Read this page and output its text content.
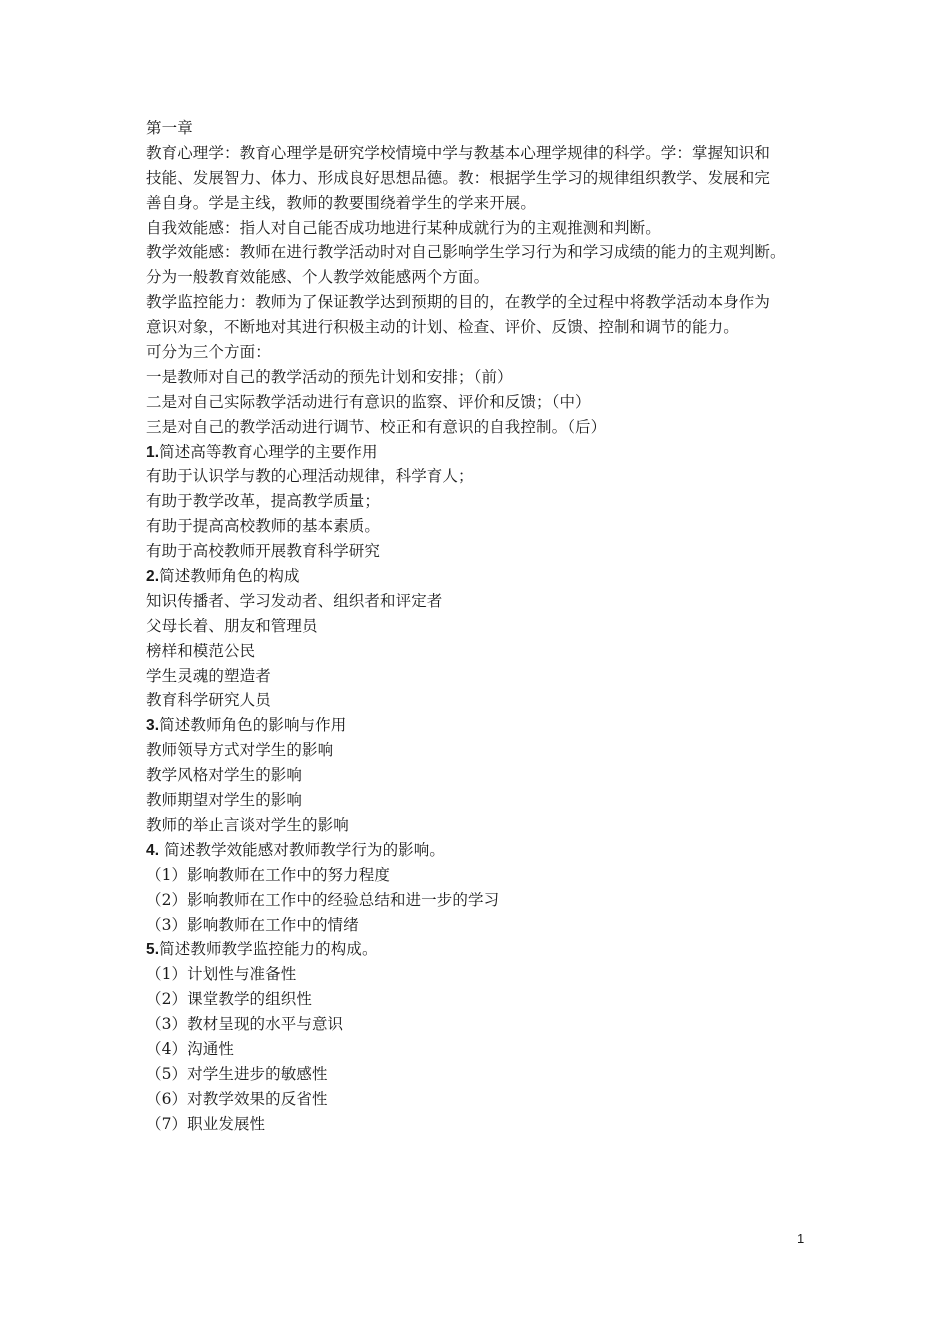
第一章
教育心理学：教育心理学是研究学校情境中学与教基本心理学规律的科学。学：掌握知识和
技能、发展智力、体力、形成良好思想品德。教：根据学生学习的规律组织教学、发展和完
善自身。学是主线，教师的教要围绕着学生的学来开展。
自我效能感：指人对自己能否成功地进行某种成就行为的主观推测和判断。
教学效能感：教师在进行教学活动时对自己影响学生学习行为和学习成绩的能力的主观判断。
分为一般教育效能感、个人教学效能感两个方面。
教学监控能力：教师为了保证教学达到预期的目的，在教学的全过程中将教学活动本身作为
意识对象，不断地对其进行积极主动的计划、检查、评价、反馈、控制和调节的能力。
可分为三个方面：
一是教师对自己的教学活动的预先计划和安排；（前）
二是对自己实际教学活动进行有意识的监察、评价和反馈；（中）
三是对自己的教学活动进行调节、校正和有意识的自我控制。（后）
1.简述高等教育心理学的主要作用
有助于认识学与教的心理活动规律，科学育人；
有助于教学改革，提高教学质量；
有助于提高高校教师的基本素质。
有助于高校教师开展教育科学研究
2.简述教师角色的构成
知识传播者、学习发动者、组织者和评定者
父母长着、朋友和管理员
榜样和模范公民
学生灵魂的塑造者
教育科学研究人员
3.简述教师角色的影响与作用
教师领导方式对学生的影响
教学风格对学生的影响
教师期望对学生的影响
教师的举止言谈对学生的影响
4. 简述教学效能感对教师教学行为的影响。
（1）影响教师在工作中的努力程度
（2）影响教师在工作中的经验总结和进一步的学习
（3）影响教师在工作中的情绪
5.简述教师教学监控能力的构成。
（1）计划性与准备性
（2）课堂教学的组织性
（3）教材呈现的水平与意识
（4）沟通性
（5）对学生进步的敏感性
（6）对教学效果的反省性
（7）职业发展性
1
